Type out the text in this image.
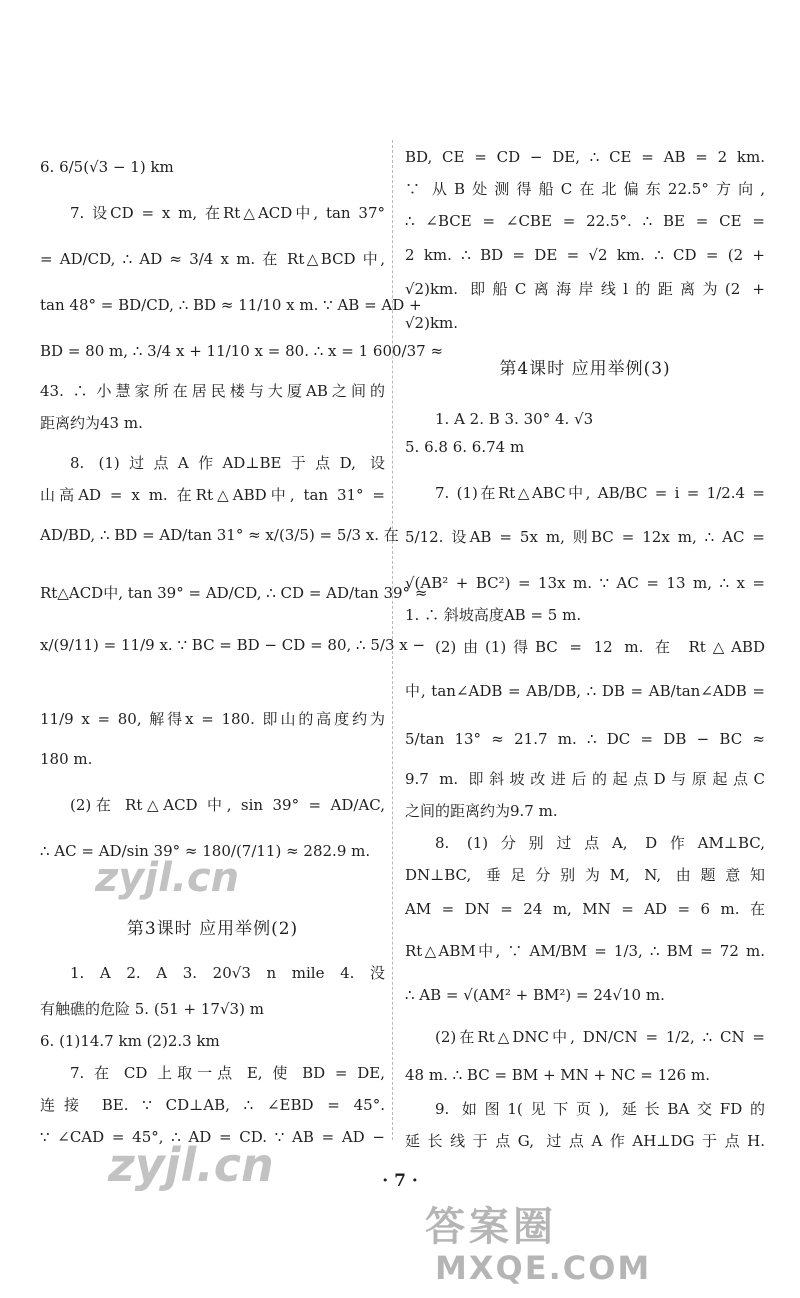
6. 6/5(√3 − 1) km
7. 设CD = x m, 在Rt△ACD中, tan 37°
= AD/CD, ∴ AD ≈ 3/4 x m. 在 Rt△BCD 中,
tan 48° = BD/CD, ∴ BD ≈ 11/10 x m. ∵ AB = AD +
BD = 80 m, ∴ 3/4 x + 11/10 x = 80. ∴ x = 1 600/37 ≈
43. ∴ 小慧家所在居民楼与大厦AB之间的
距离约为43 m.
8. (1)过点A作AD⊥BE于点D, 设
山高AD = x m. 在Rt△ABD中, tan 31° =
AD/BD, ∴ BD = AD/tan 31° ≈ x/(3/5) = 5/3 x. 在
Rt△ACD中, tan 39° = AD/CD, ∴ CD = AD/tan 39° ≈
x/(9/11) = 11/9 x. ∵ BC = BD − CD = 80, ∴ 5/3 x −
11/9 x = 80, 解得x = 180. 即山的高度约为
180 m.
(2)在 Rt△ACD 中, sin 39° = AD/AC,
∴ AC = AD/sin 39° ≈ 180/(7/11) ≈ 282.9 m.
第3课时 应用举例(2)
1. A 2. A 3. 20√3 n mile 4. 没
有触礁的危险 5. (51 + 17√3) m
6. (1)14.7 km (2)2.3 km
7. 在 CD 上取一点 E, 使 BD = DE,
连接 BE. ∵ CD⊥AB, ∴ ∠EBD = 45°.
∵ ∠CAD = 45°, ∴ AD = CD. ∵ AB = AD −
BD, CE = CD − DE, ∴ CE = AB = 2 km.
∵ 从B处测得船C在北偏东22.5°方向,
∴ ∠BCE = ∠CBE = 22.5°. ∴ BE = CE =
2 km. ∴ BD = DE = √2 km. ∴ CD = (2 +
√2)km. 即船C离海岸线l的距离为(2 +
√2)km.
第4课时 应用举例(3)
1. A 2. B 3. 30° 4. √3
5. 6.8 6. 6.74 m
7. (1)在Rt△ABC中, AB/BC = i = 1/2.4 =
5/12. 设AB = 5x m, 则BC = 12x m, ∴ AC =
√(AB² + BC²) = 13x m. ∵ AC = 13 m, ∴ x =
1. ∴ 斜坡高度AB = 5 m.
(2)由(1)得BC = 12 m. 在 Rt△ABD
中, tan∠ADB = AB/DB, ∴ DB = AB/tan∠ADB =
5/tan 13° ≈ 21.7 m. ∴ DC = DB − BC ≈
9.7 m. 即斜坡改进后的起点D与原起点C
之间的距离约为9.7 m.
8. (1)分别过点A, D作AM⊥BC,
DN⊥BC, 垂足分别为M, N, 由题意知
AM = DN = 24 m, MN = AD = 6 m. 在
Rt△ABM中, ∵ AM/BM = 1/3, ∴ BM = 72 m.
∴ AB = √(AM² + BM²) = 24√10 m.
(2)在Rt△DNC中, DN/CN = 1/2, ∴ CN =
48 m. ∴ BC = BM + MN + NC = 126 m.
9. 如图1(见下页), 延长BA交FD的
延长线于点G, 过点A作AH⊥DG于点H.
· 7 ·
zyjl.cn
zyjl.cn
答案圈
MXQE.COM
